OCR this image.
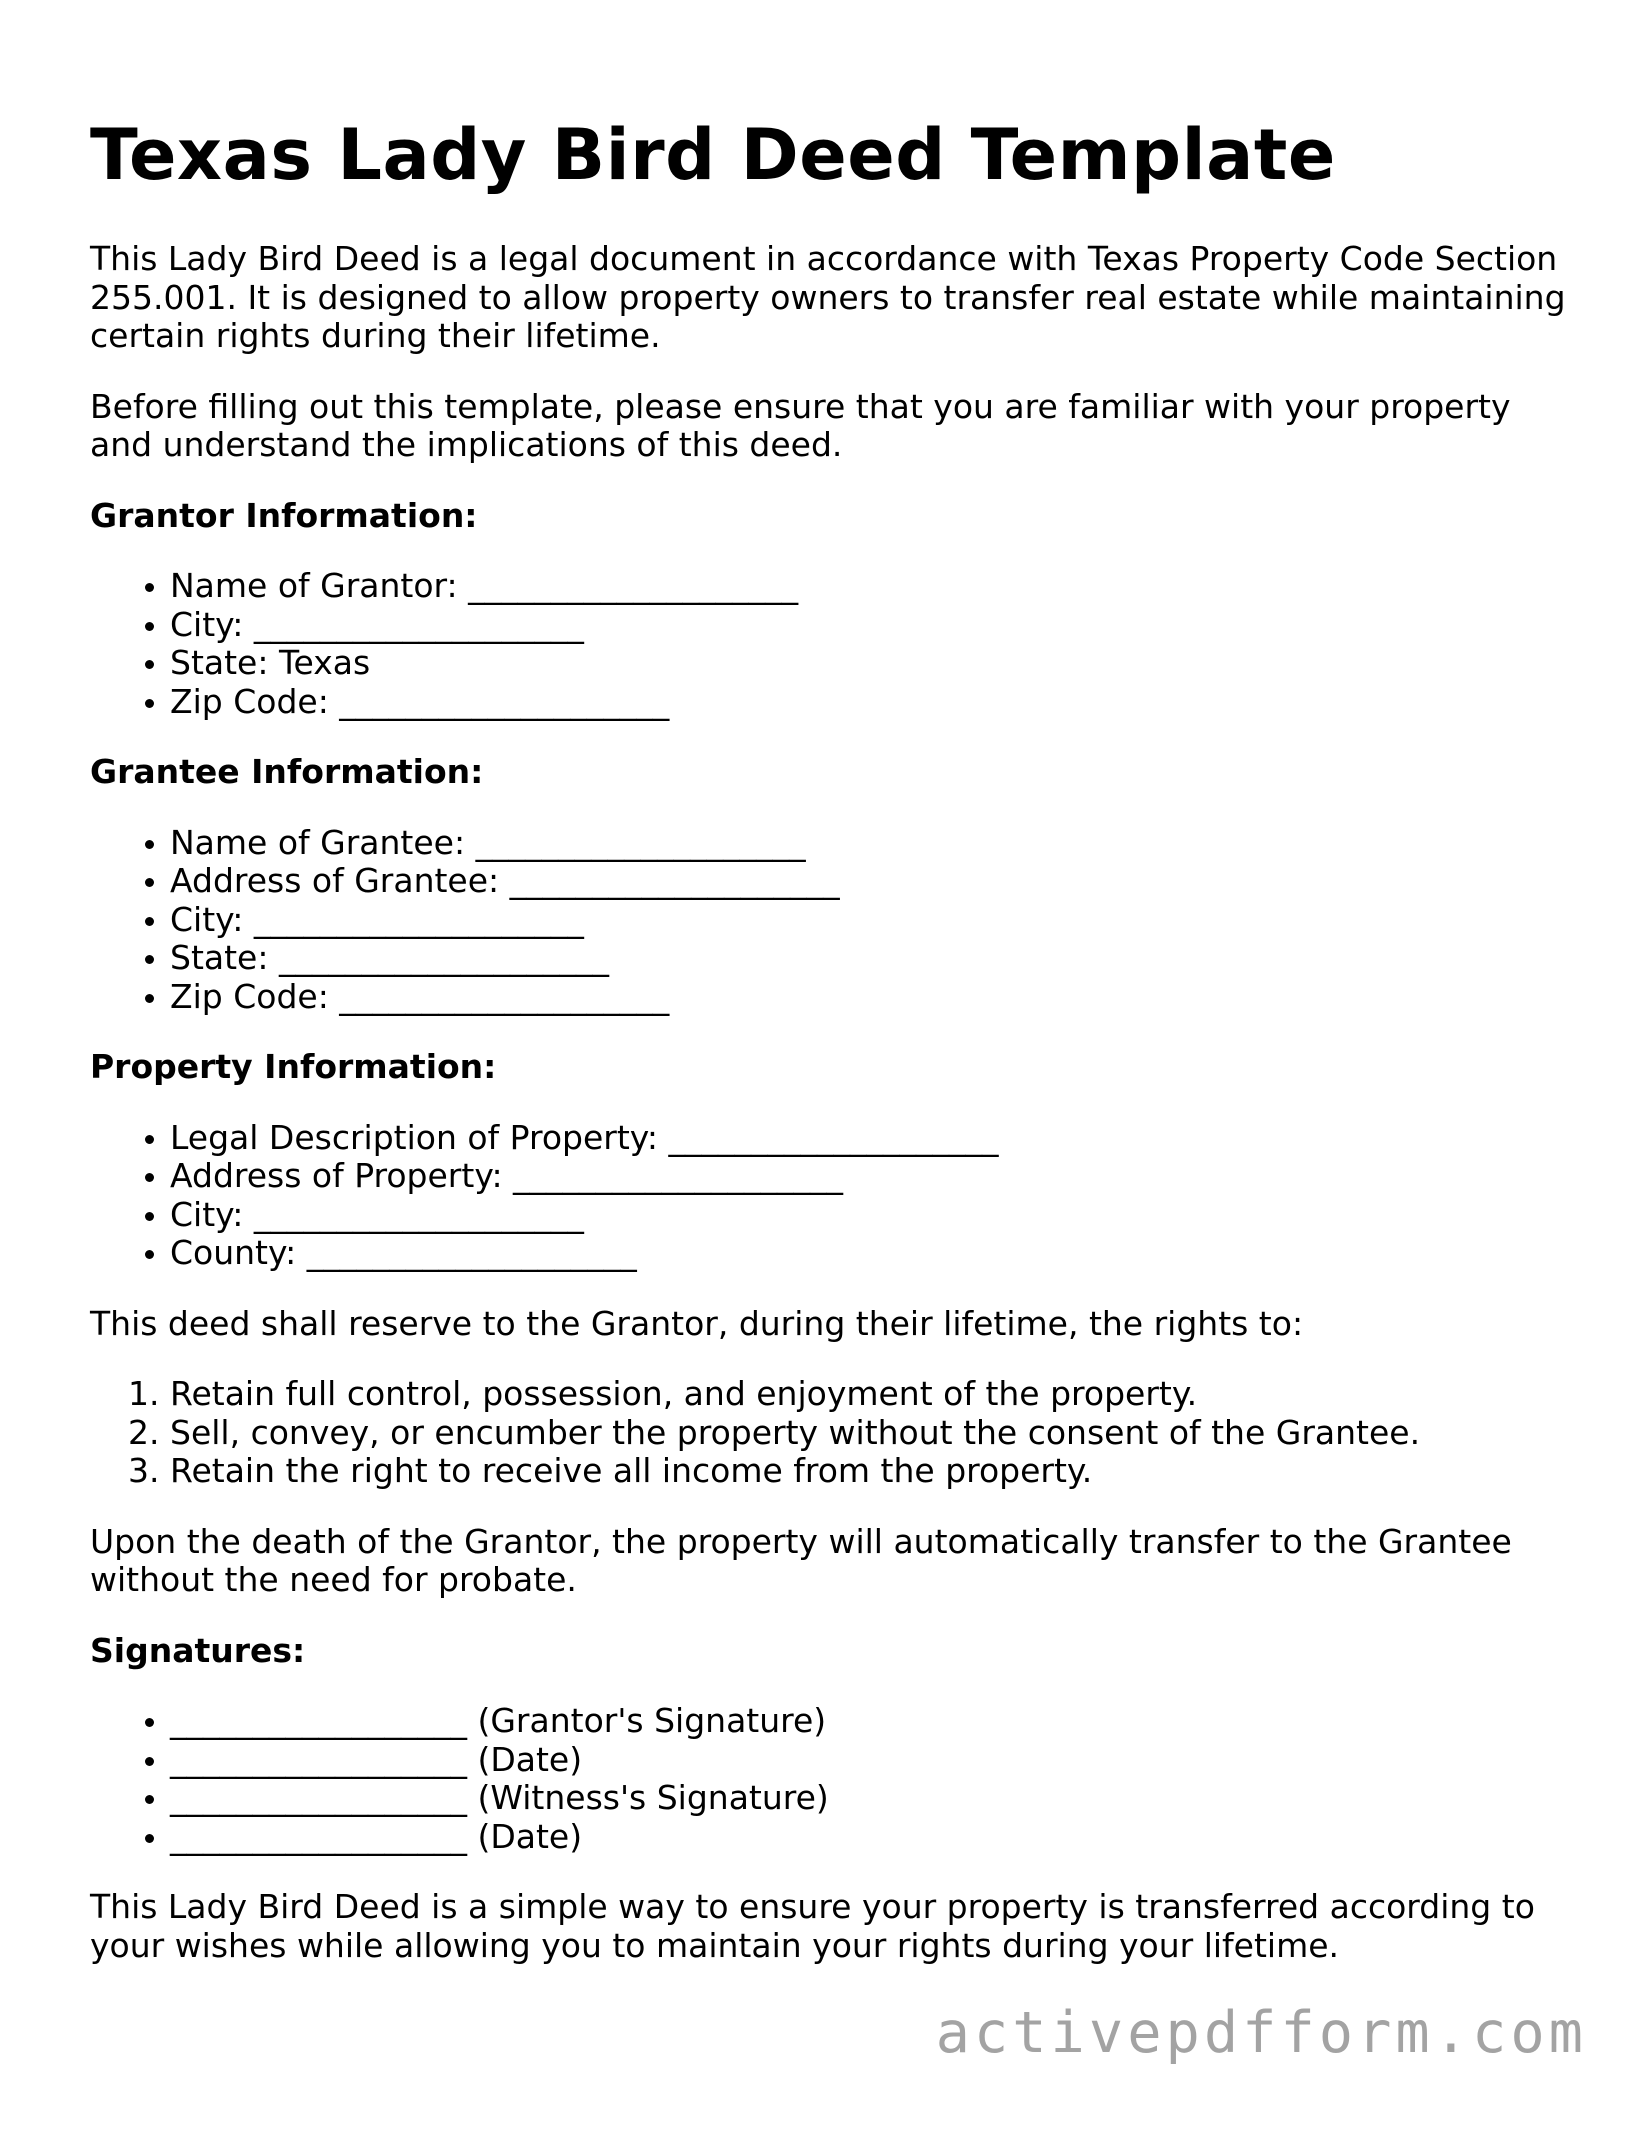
Texas Lady Bird Deed Template

This Lady Bird Deed is a legal document in accordance with Texas Property Code Section 255.001. It is designed to allow property owners to transfer real estate while maintaining certain rights during their lifetime.

Before filling out this template, please ensure that you are familiar with your property and understand the implications of this deed.

Grantor Information:
• Name of Grantor: ____________________
• City: ____________________
• State: Texas
• Zip Code: ____________________
Grantee Information:
• Name of Grantee: ____________________
• Address of Grantee: ____________________
• City: ____________________
• State: ____________________
• Zip Code: ____________________
Property Information:
• Legal Description of Property: ____________________
• Address of Property: ____________________
• City: ____________________
• County: ____________________

This deed shall reserve to the Grantor, during their lifetime, the rights to:

1. Retain full control, possession, and enjoyment of the property.
2. Sell, convey, or encumber the property without the consent of the Grantee.
3. Retain the right to receive all income from the property.

Upon the death of the Grantor, the property will automatically transfer to the Grantee without the need for probate.

Signatures:
• __________________ (Grantor's Signature)
• __________________ (Date)
• __________________ (Witness's Signature)
• __________________ (Date)

This Lady Bird Deed is a simple way to ensure your property is transferred according to your wishes while allowing you to maintain your rights during your lifetime.

activepdfform.com
